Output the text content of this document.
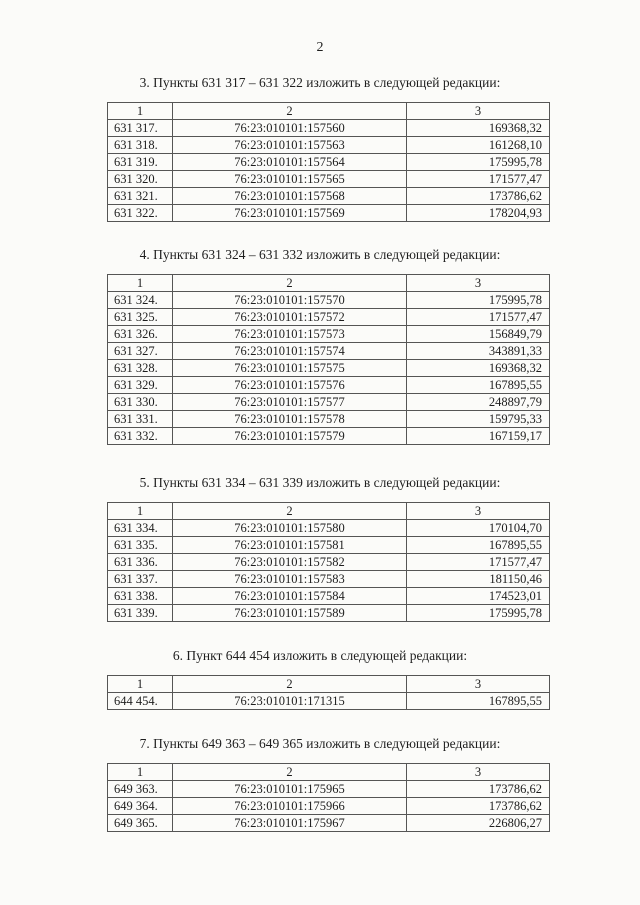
2
3. Пункты 631 317 – 631 322 изложить в следующей редакции:
1	2	3
631 317.	76:23:010101:157560	169368,32
631 318.	76:23:010101:157563	161268,10
631 319.	76:23:010101:157564	175995,78
631 320.	76:23:010101:157565	171577,47
631 321.	76:23:010101:157568	173786,62
631 322.	76:23:010101:157569	178204,93
4. Пункты 631 324 – 631 332 изложить в следующей редакции:
1	2	3
631 324.	76:23:010101:157570	175995,78
631 325.	76:23:010101:157572	171577,47
631 326.	76:23:010101:157573	156849,79
631 327.	76:23:010101:157574	343891,33
631 328.	76:23:010101:157575	169368,32
631 329.	76:23:010101:157576	167895,55
631 330.	76:23:010101:157577	248897,79
631 331.	76:23:010101:157578	159795,33
631 332.	76:23:010101:157579	167159,17
5. Пункты 631 334 – 631 339 изложить в следующей редакции:
1	2	3
631 334.	76:23:010101:157580	170104,70
631 335.	76:23:010101:157581	167895,55
631 336.	76:23:010101:157582	171577,47
631 337.	76:23:010101:157583	181150,46
631 338.	76:23:010101:157584	174523,01
631 339.	76:23:010101:157589	175995,78
6. Пункт 644 454 изложить в следующей редакции:
1	2	3
644 454.	76:23:010101:171315	167895,55
7. Пункты 649 363 – 649 365 изложить в следующей редакции:
1	2	3
649 363.	76:23:010101:175965	173786,62
649 364.	76:23:010101:175966	173786,62
649 365.	76:23:010101:175967	226806,27
